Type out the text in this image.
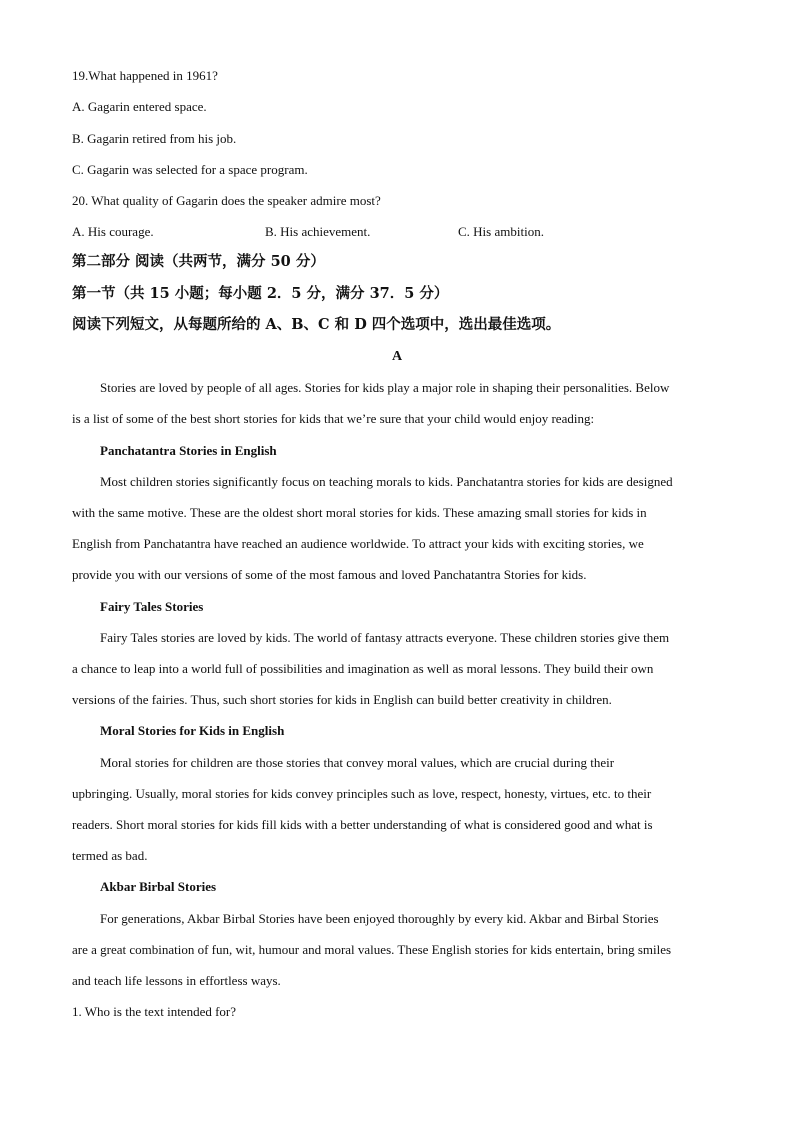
19.What happened in 1961?
A. Gagarin entered space.
B. Gagarin retired from his job.
C. Gagarin was selected for a space program.
20. What quality of Gagarin does the speaker admire most?
A. His courage.	B. His achievement.	C. His ambition.
第二部分 阅读（共两节，满分 50 分）
第一节（共 15 小题；每小题 2．5 分，满分 37．5 分）
阅读下列短文，从每题所给的 A、B、C 和 D 四个选项中，选出最佳选项。
A
Stories are loved by people of all ages. Stories for kids play a major role in shaping their personalities. Below
is a list of some of the best short stories for kids that we’re sure that your child would enjoy reading:
Panchatantra Stories in English
Most children stories significantly focus on teaching morals to kids. Panchatantra stories for kids are designed
with the same motive. These are the oldest short moral stories for kids. These amazing small stories for kids in
English from Panchatantra have reached an audience worldwide. To attract your kids with exciting stories, we
provide you with our versions of some of the most famous and loved Panchatantra Stories for kids.
Fairy Tales Stories
Fairy Tales stories are loved by kids. The world of fantasy attracts everyone. These children stories give them
a chance to leap into a world full of possibilities and imagination as well as moral lessons. They build their own
versions of the fairies. Thus, such short stories for kids in English can build better creativity in children.
Moral Stories for Kids in English
Moral stories for children are those stories that convey moral values, which are crucial during their
upbringing. Usually, moral stories for kids convey principles such as love, respect, honesty, virtues, etc. to their
readers. Short moral stories for kids fill kids with a better understanding of what is considered good and what is
termed as bad.
Akbar Birbal Stories
For generations, Akbar Birbal Stories have been enjoyed thoroughly by every kid. Akbar and Birbal Stories
are a great combination of fun, wit, humour and moral values. These English stories for kids entertain, bring smiles
and teach life lessons in effortless ways.
1. Who is the text intended for?
